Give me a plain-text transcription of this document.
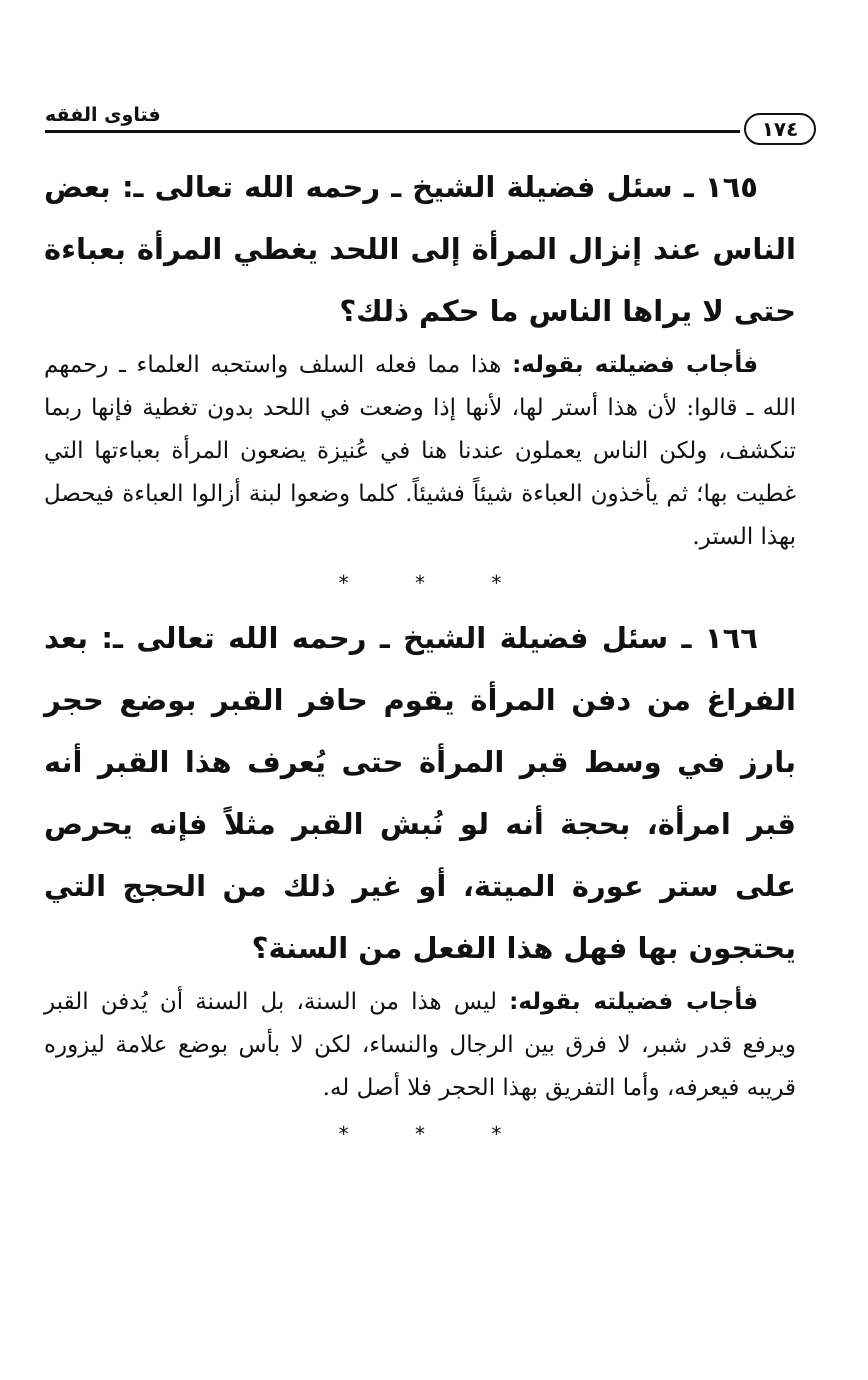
فتاوى الفقه
١٧٤

١٦٥ ـ سئل فضيلة الشيخ ـ رحمه الله تعالى ـ: بعض الناس عند إنزال المرأة إلى اللحد يغطي المرأة بعباءة حتى لا يراها الناس ما حكم ذلك؟

فأجاب فضيلته بقوله: هذا مما فعله السلف واستحبه العلماء ـ رحمهم الله ـ قالوا: لأن هذا أستر لها، لأنها إذا وضعت في اللحد بدون تغطية فإنها ربما تنكشف، ولكن الناس يعملون عندنا هنا في عُنيزة يضعون المرأة بعباءتها التي غطيت بها؛ ثم يأخذون العباءة شيئاً فشيئاً. كلما وضعوا لبنة أزالوا العباءة فيحصل بهذا الستر.

* * *

١٦٦ ـ سئل فضيلة الشيخ ـ رحمه الله تعالى ـ: بعد الفراغ من دفن المرأة يقوم حافر القبر بوضع حجر بارز في وسط قبر المرأة حتى يُعرف هذا القبر أنه قبر امرأة، بحجة أنه لو نُبش القبر مثلاً فإنه يحرص على ستر عورة الميتة، أو غير ذلك من الحجج التي يحتجون بها فهل هذا الفعل من السنة؟

فأجاب فضيلته بقوله: ليس هذا من السنة، بل السنة أن يُدفن القبر ويرفع قدر شبر، لا فرق بين الرجال والنساء، لكن لا بأس بوضع علامة ليزوره قريبه فيعرفه، وأما التفريق بهذا الحجر فلا أصل له.

* * *
